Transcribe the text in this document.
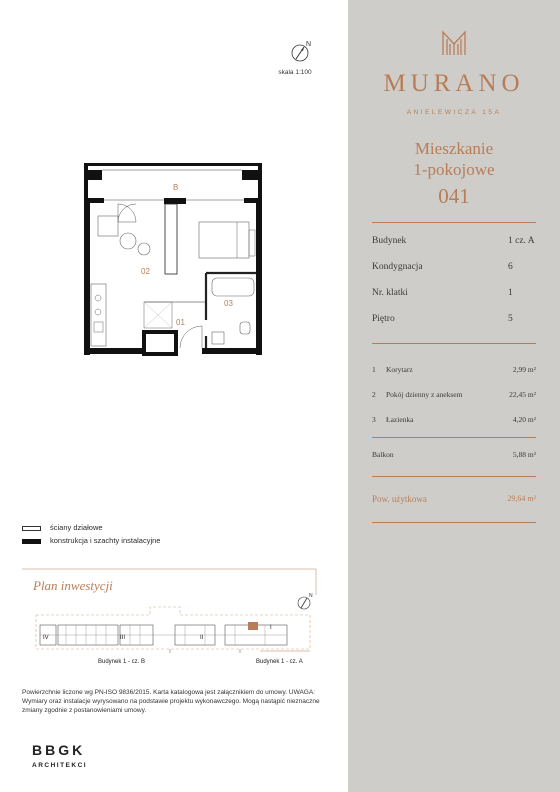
MURANO
ANIELEWICZA 15A
Mieszkanie
1-pokojowe
041
Budynek	1 cz. A
Kondygnacja	6
Nr. klatki	1
Piętro	5
1 Korytarz	2,99 m²
2 Pokój dzienny z aneksem	22,45 m²
3 Łazienka	4,20 m²
Balkon	5,88 m²
Pow. użytkowa	29,64 m²
N
skala 1:100
B
02
01
03
ściany działowe
konstrukcja i szachty instalacyjne
IV	III	II
I
Budynek 1 - cz. B	Budynek 1 - cz. A
N
Plan inwestycji
Powierzchnie liczone wg PN-ISO 9836/2015. Karta katalogowa jest załącznikiem do umowy. UWAGA: Wymiary oraz instalacje wyrysowano na podstawie projektu wykonawczego. Mogą nastąpić nieznaczne zmiany zgodnie z postanowieniami umowy.
BBGK
ARCHITEKCI
